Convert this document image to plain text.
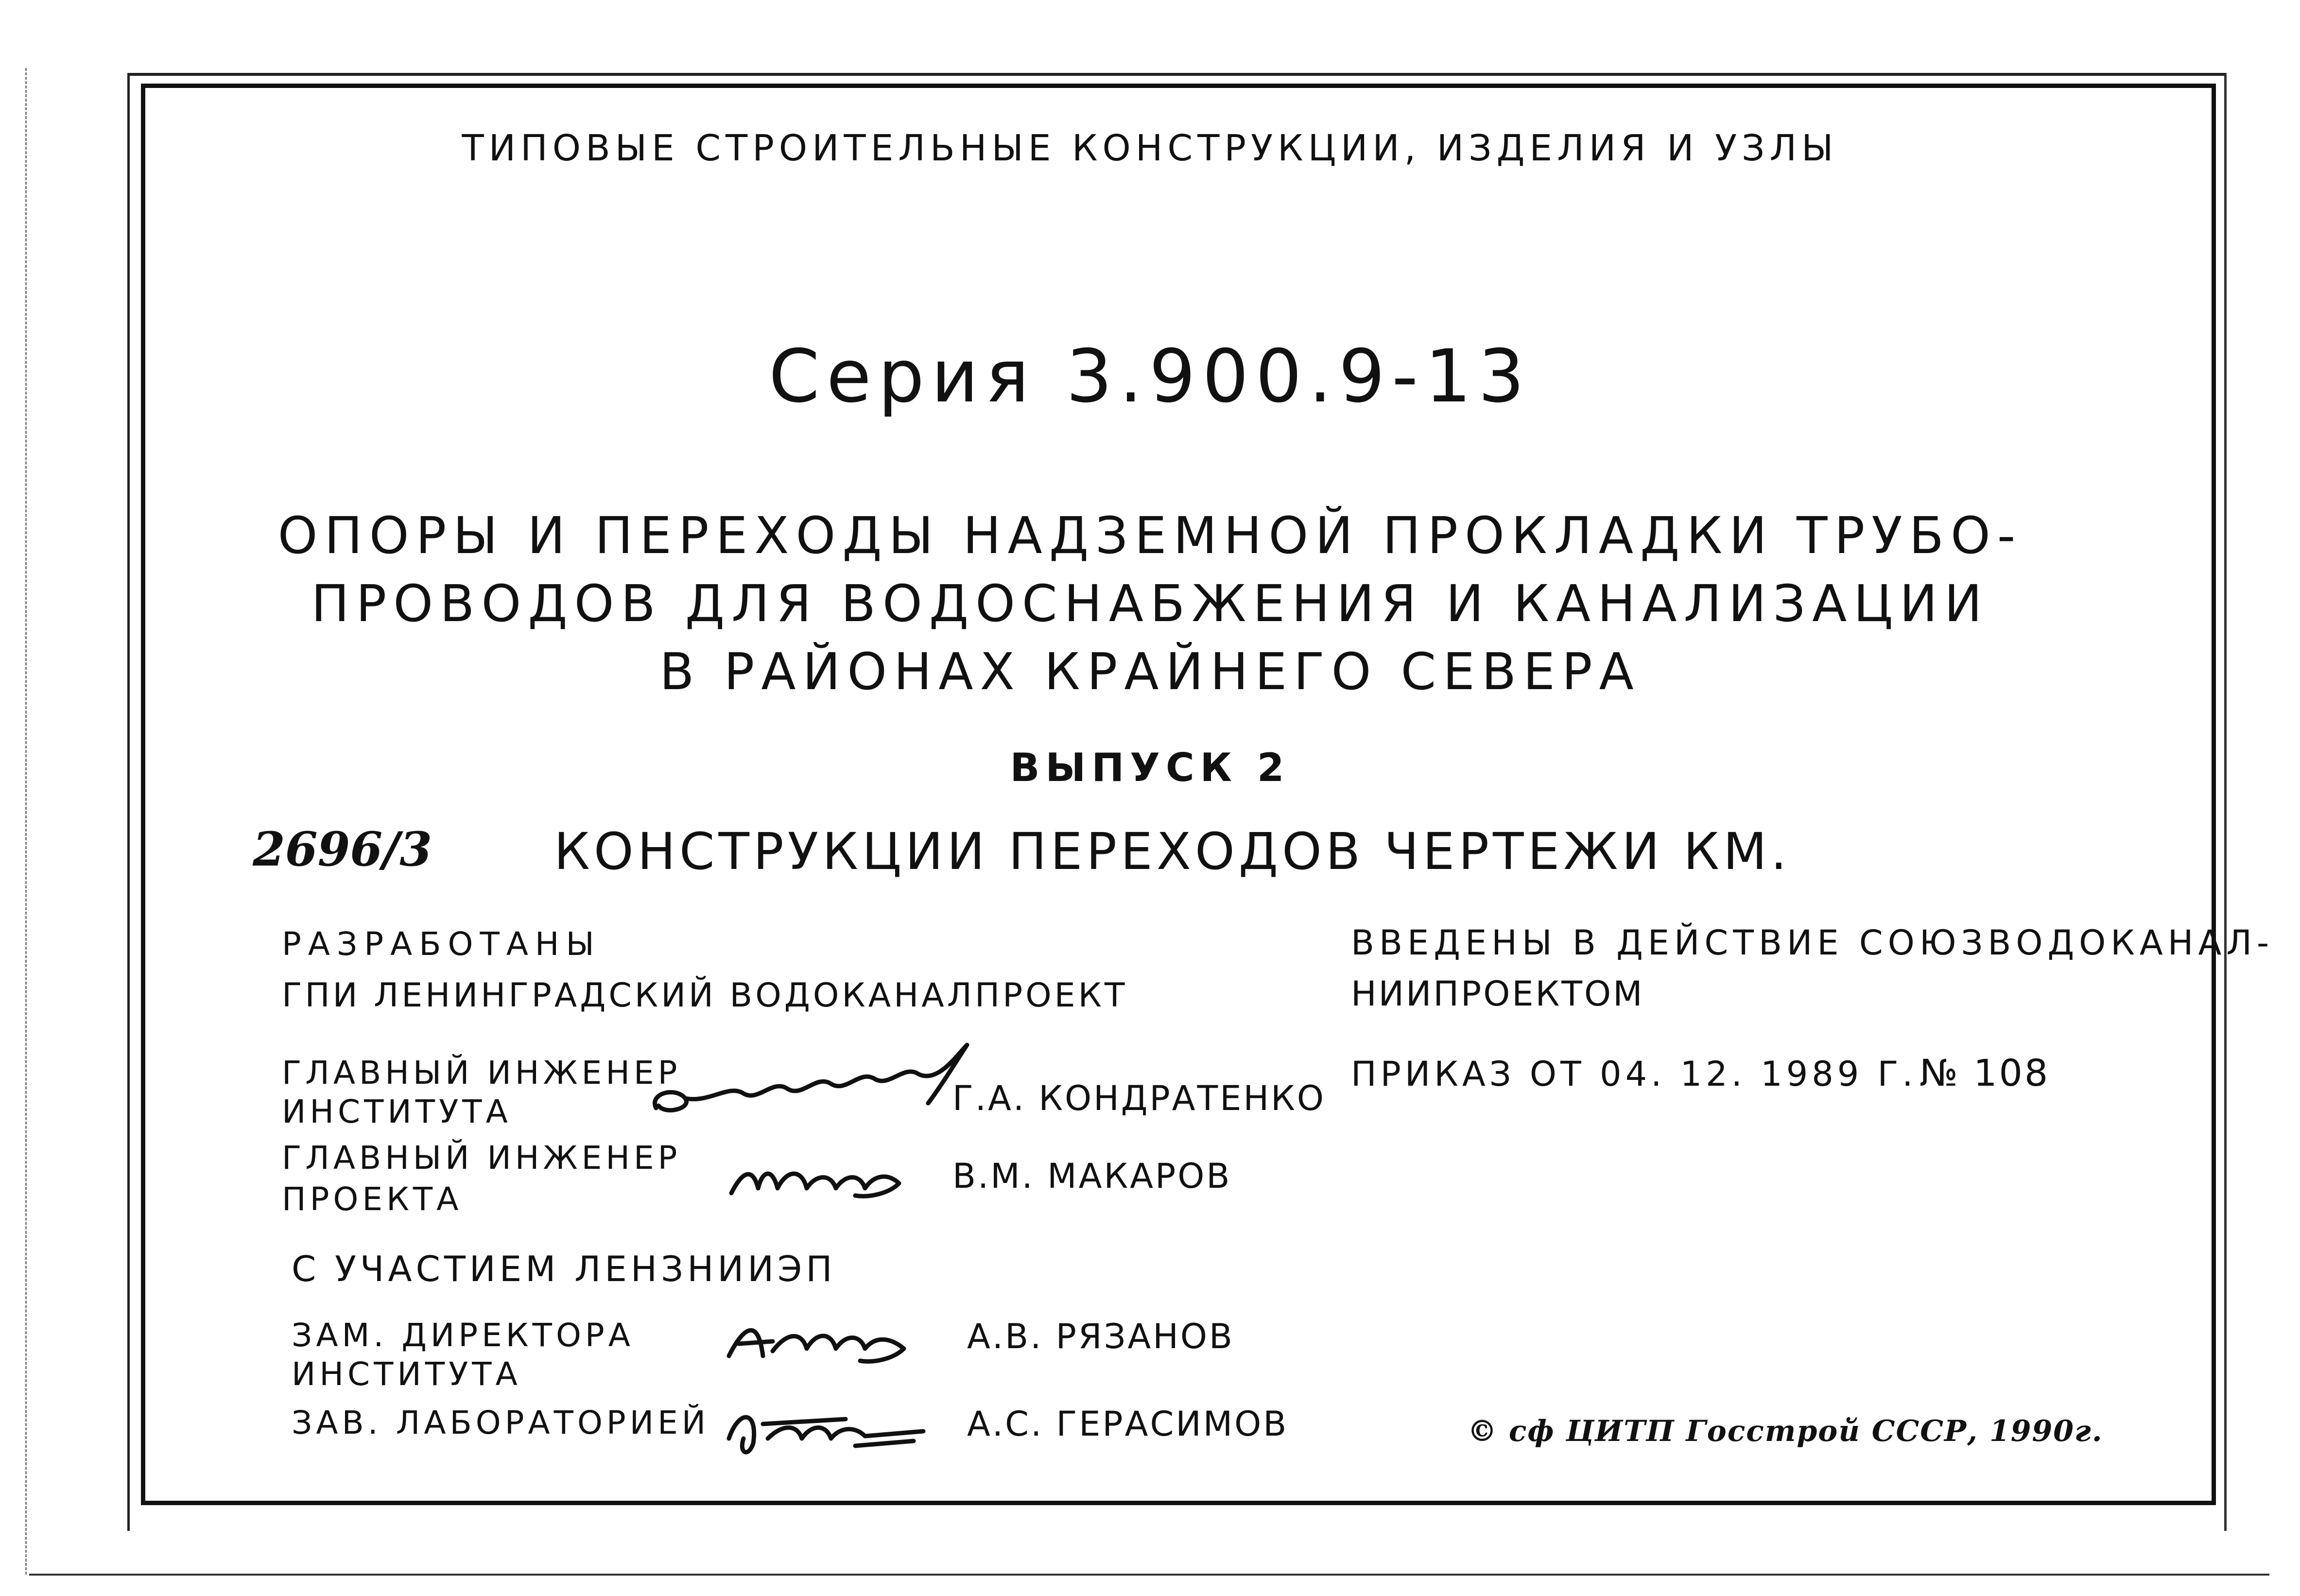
ТИПОВЫЕ СТРОИТЕЛЬНЫЕ КОНСТРУКЦИИ, ИЗДЕЛИЯ И УЗЛЫ
Серия 3.900.9-13
ОПОРЫ И ПЕРЕХОДЫ НАДЗЕМНОЙ ПРОКЛАДКИ ТРУБО-
ПРОВОДОВ ДЛЯ ВОДОСНАБЖЕНИЯ И КАНАЛИЗАЦИИ
В РАЙОНАХ КРАЙНЕГО СЕВЕРА
ВЫПУСК 2
2696/3 КОНСТРУКЦИИ ПЕРЕХОДОВ ЧЕРТЕЖИ КМ.
РАЗРАБОТАНЫ
ГПИ ЛЕНИНГРАДСКИЙ ВОДОКАНАЛПРОЕКТ
ГЛАВНЫЙ ИНЖЕНЕР
ИНСТИТУТА	Г.А. КОНДРАТЕНКО
ГЛАВНЫЙ ИНЖЕНЕР
ПРОЕКТА
В.М. МАКАРОВ
С УЧАСТИЕМ ЛЕНЗНИИЭП
ЗАМ. ДИРЕКТОРА
ИНСТИТУТА
А.В. РЯЗАНОВ
ЗАВ. ЛАБОРАТОРИЕЙ	А.С. ГЕРАСИМОВ
ВВЕДЕНЫ В ДЕЙСТВИЕ СОЮЗВОДОКАНАЛ-
НИИПРОЕКТОМ
ПРИКАЗ ОТ 04. 12. 1989 Г. № 108
© сф ЦИТП Госстрой СССР, 1990г.
